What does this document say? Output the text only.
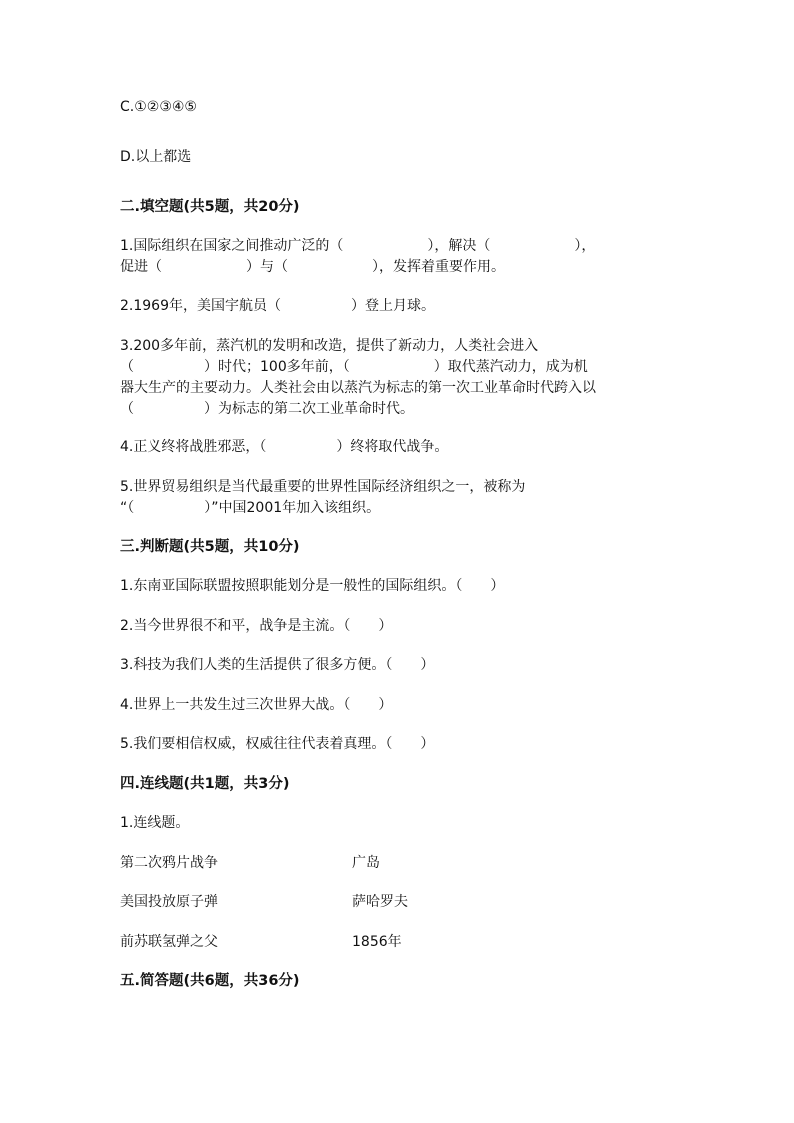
C.①②③④⑤
D.以上都选
二.填空题(共5题，共20分)
1.国际组织在国家之间推动广泛的（　　　　　　），解决（　　　　　　），
促进（　　　　　　）与（　　　　　　），发挥着重要作用。
2.1969年，美国宇航员（　　　　　）登上月球。
3.200多年前，蒸汽机的发明和改造，提供了新动力，人类社会进入
（　　　　　）时代；100多年前，（　　　　　　）取代蒸汽动力，成为机
器大生产的主要动力。人类社会由以蒸汽为标志的第一次工业革命时代跨入以
（　　　　　）为标志的第二次工业革命时代。
4.正义终将战胜邪恶，（　　　　　）终将取代战争。
5.世界贸易组织是当代最重要的世界性国际经济组织之一，被称为
“（　　　　　）”中国2001年加入该组织。
三.判断题(共5题，共10分)
1.东南亚国际联盟按照职能划分是一般性的国际组织。（　　）
2.当今世界很不和平，战争是主流。（　　）
3.科技为我们人类的生活提供了很多方便。（　　）
4.世界上一共发生过三次世界大战。（　　）
5.我们要相信权威，权威往往代表着真理。（　　）
四.连线题(共1题，共3分)
1.连线题。
第二次鸦片战争	广岛
美国投放原子弹	萨哈罗夫
前苏联氢弹之父	1856年
五.简答题(共6题，共36分)
